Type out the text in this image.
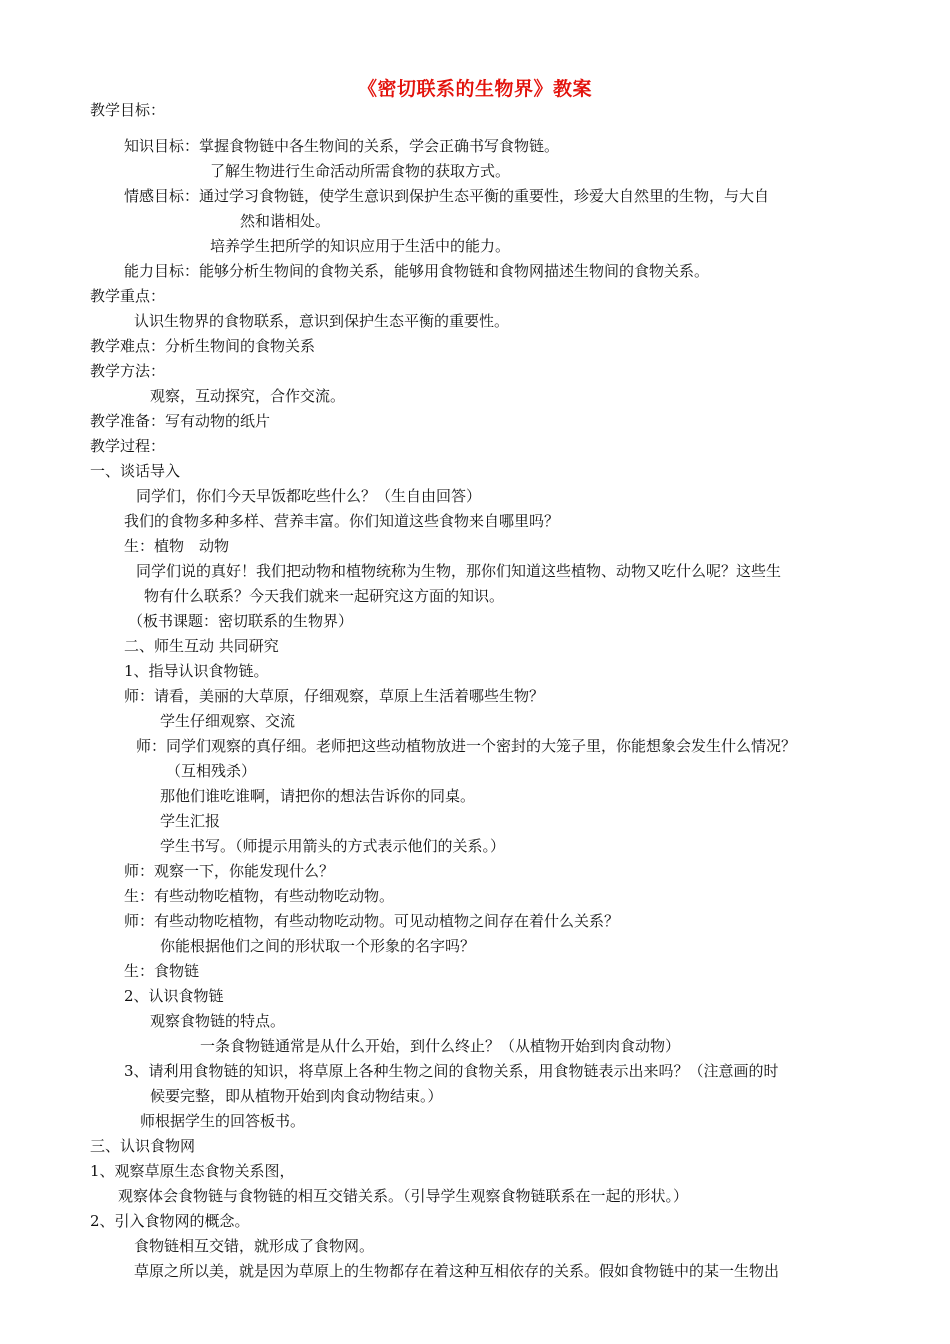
《密切联系的生物界》教案
教学目标：
知识目标：掌握食物链中各生物间的关系，学会正确书写食物链。
了解生物进行生命活动所需食物的获取方式。
情感目标：通过学习食物链，使学生意识到保护生态平衡的重要性，珍爱大自然里的生物，与大自
然和谐相处。
培养学生把所学的知识应用于生活中的能力。
能力目标：能够分析生物间的食物关系，能够用食物链和食物网描述生物间的食物关系。
教学重点：
认识生物界的食物联系，意识到保护生态平衡的重要性。
教学难点：分析生物间的食物关系
教学方法：
观察，互动探究，合作交流。
教学准备：写有动物的纸片
教学过程：
一、谈话导入
同学们，你们今天早饭都吃些什么？（生自由回答）
我们的食物多种多样、营养丰富。你们知道这些食物来自哪里吗？
生：植物　动物
同学们说的真好！我们把动物和植物统称为生物，那你们知道这些植物、动物又吃什么呢？这些生
物有什么联系？今天我们就来一起研究这方面的知识。
（板书课题：密切联系的生物界）
二、师生互动 共同研究
1、指导认识食物链。
师：请看，美丽的大草原，仔细观察，草原上生活着哪些生物？
学生仔细观察、交流
师：同学们观察的真仔细。老师把这些动植物放进一个密封的大笼子里，你能想象会发生什么情况？
（互相残杀）
那他们谁吃谁啊，请把你的想法告诉你的同桌。
学生汇报
学生书写。（师提示用箭头的方式表示他们的关系。）
师：观察一下，你能发现什么？
生：有些动物吃植物，有些动物吃动物。
师：有些动物吃植物，有些动物吃动物。可见动植物之间存在着什么关系？
你能根据他们之间的形状取一个形象的名字吗？
生：食物链
2、认识食物链
观察食物链的特点。
一条食物链通常是从什么开始，到什么终止？（从植物开始到肉食动物）
3、请利用食物链的知识，将草原上各种生物之间的食物关系，用食物链表示出来吗？（注意画的时
候要完整，即从植物开始到肉食动物结束。）
师根据学生的回答板书。
三、认识食物网
1、观察草原生态食物关系图，
观察体会食物链与食物链的相互交错关系。（引导学生观察食物链联系在一起的形状。）
2、引入食物网的概念。
食物链相互交错，就形成了食物网。
草原之所以美，就是因为草原上的生物都存在着这种互相依存的关系。假如食物链中的某一生物出
